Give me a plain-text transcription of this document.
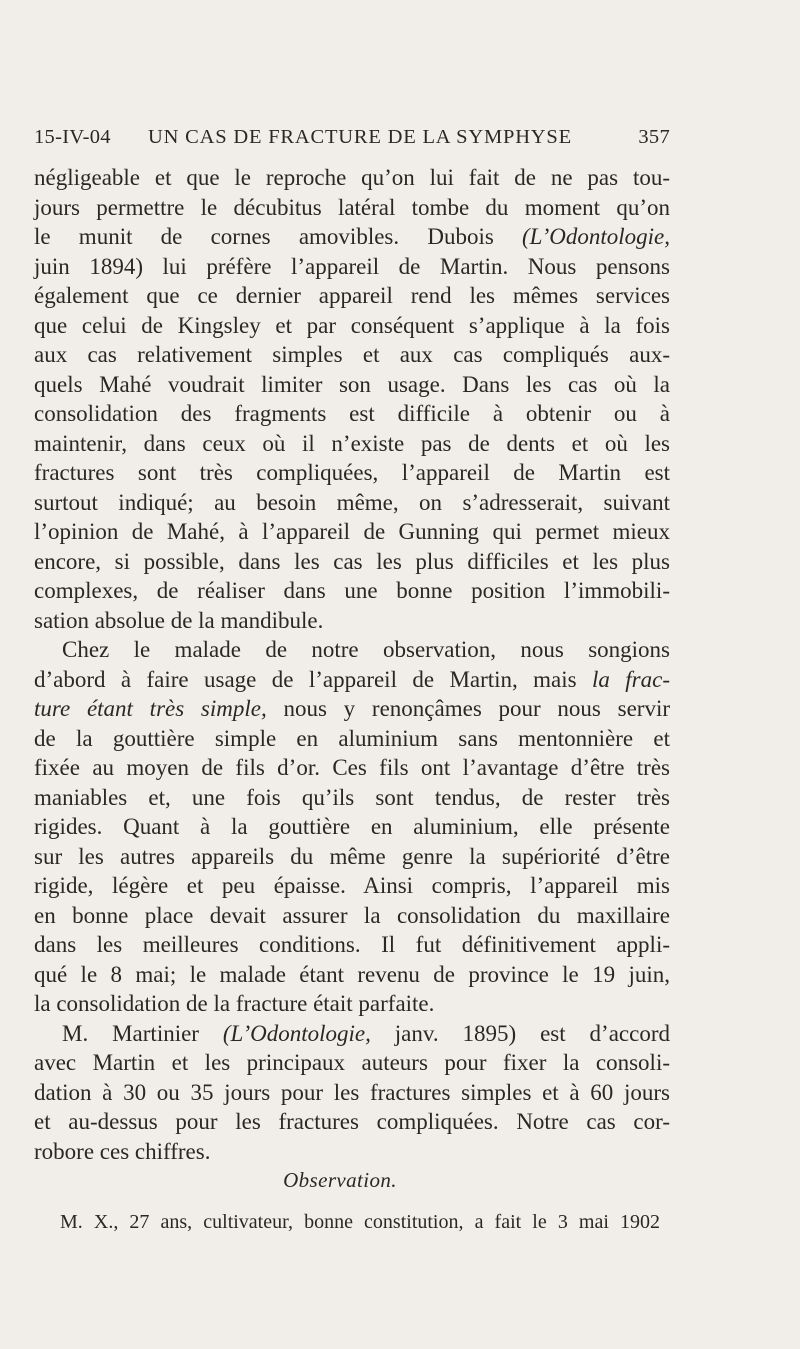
15-IV-04 UN CAS DE FRACTURE DE LA SYMPHYSE	357
négligeable et que le reproche qu’on lui fait de ne pas tou-
jours permettre le décubitus latéral tombe du moment qu’on
le munit de cornes amovibles. Dubois (L’Odontologie,
juin 1894) lui préfère l’appareil de Martin. Nous pensons
également que ce dernier appareil rend les mêmes services
que celui de Kingsley et par conséquent s’applique à la fois
aux cas relativement simples et aux cas compliqués aux-
quels Mahé voudrait limiter son usage. Dans les cas où la
consolidation des fragments est difficile à obtenir ou à
maintenir, dans ceux où il n’existe pas de dents et où les
fractures sont très compliquées, l’appareil de Martin est
surtout indiqué; au besoin même, on s’adresserait, suivant
l’opinion de Mahé, à l’appareil de Gunning qui permet mieux
encore, si possible, dans les cas les plus difficiles et les plus
complexes, de réaliser dans une bonne position l’immobili-
sation absolue de la mandibule.
Chez le malade de notre observation, nous songions
d’abord à faire usage de l’appareil de Martin, mais la frac-
ture étant très simple, nous y renonçâmes pour nous servir
de la gouttière simple en aluminium sans mentonnière et
fixée au moyen de fils d’or. Ces fils ont l’avantage d’être très
maniables et, une fois qu’ils sont tendus, de rester très
rigides. Quant à la gouttière en aluminium, elle présente
sur les autres appareils du même genre la supériorité d’être
rigide, légère et peu épaisse. Ainsi compris, l’appareil mis
en bonne place devait assurer la consolidation du maxillaire
dans les meilleures conditions. Il fut définitivement appli-
qué le 8 mai; le malade étant revenu de province le 19 juin,
la consolidation de la fracture était parfaite.
M. Martinier (L’Odontologie, janv. 1895) est d’accord
avec Martin et les principaux auteurs pour fixer la consoli-
dation à 30 ou 35 jours pour les fractures simples et à 60 jours
et au-dessus pour les fractures compliquées. Notre cas cor-
robore ces chiffres.
Observation.
M. X., 27 ans, cultivateur, bonne constitution, a fait le 3 mai 1902
